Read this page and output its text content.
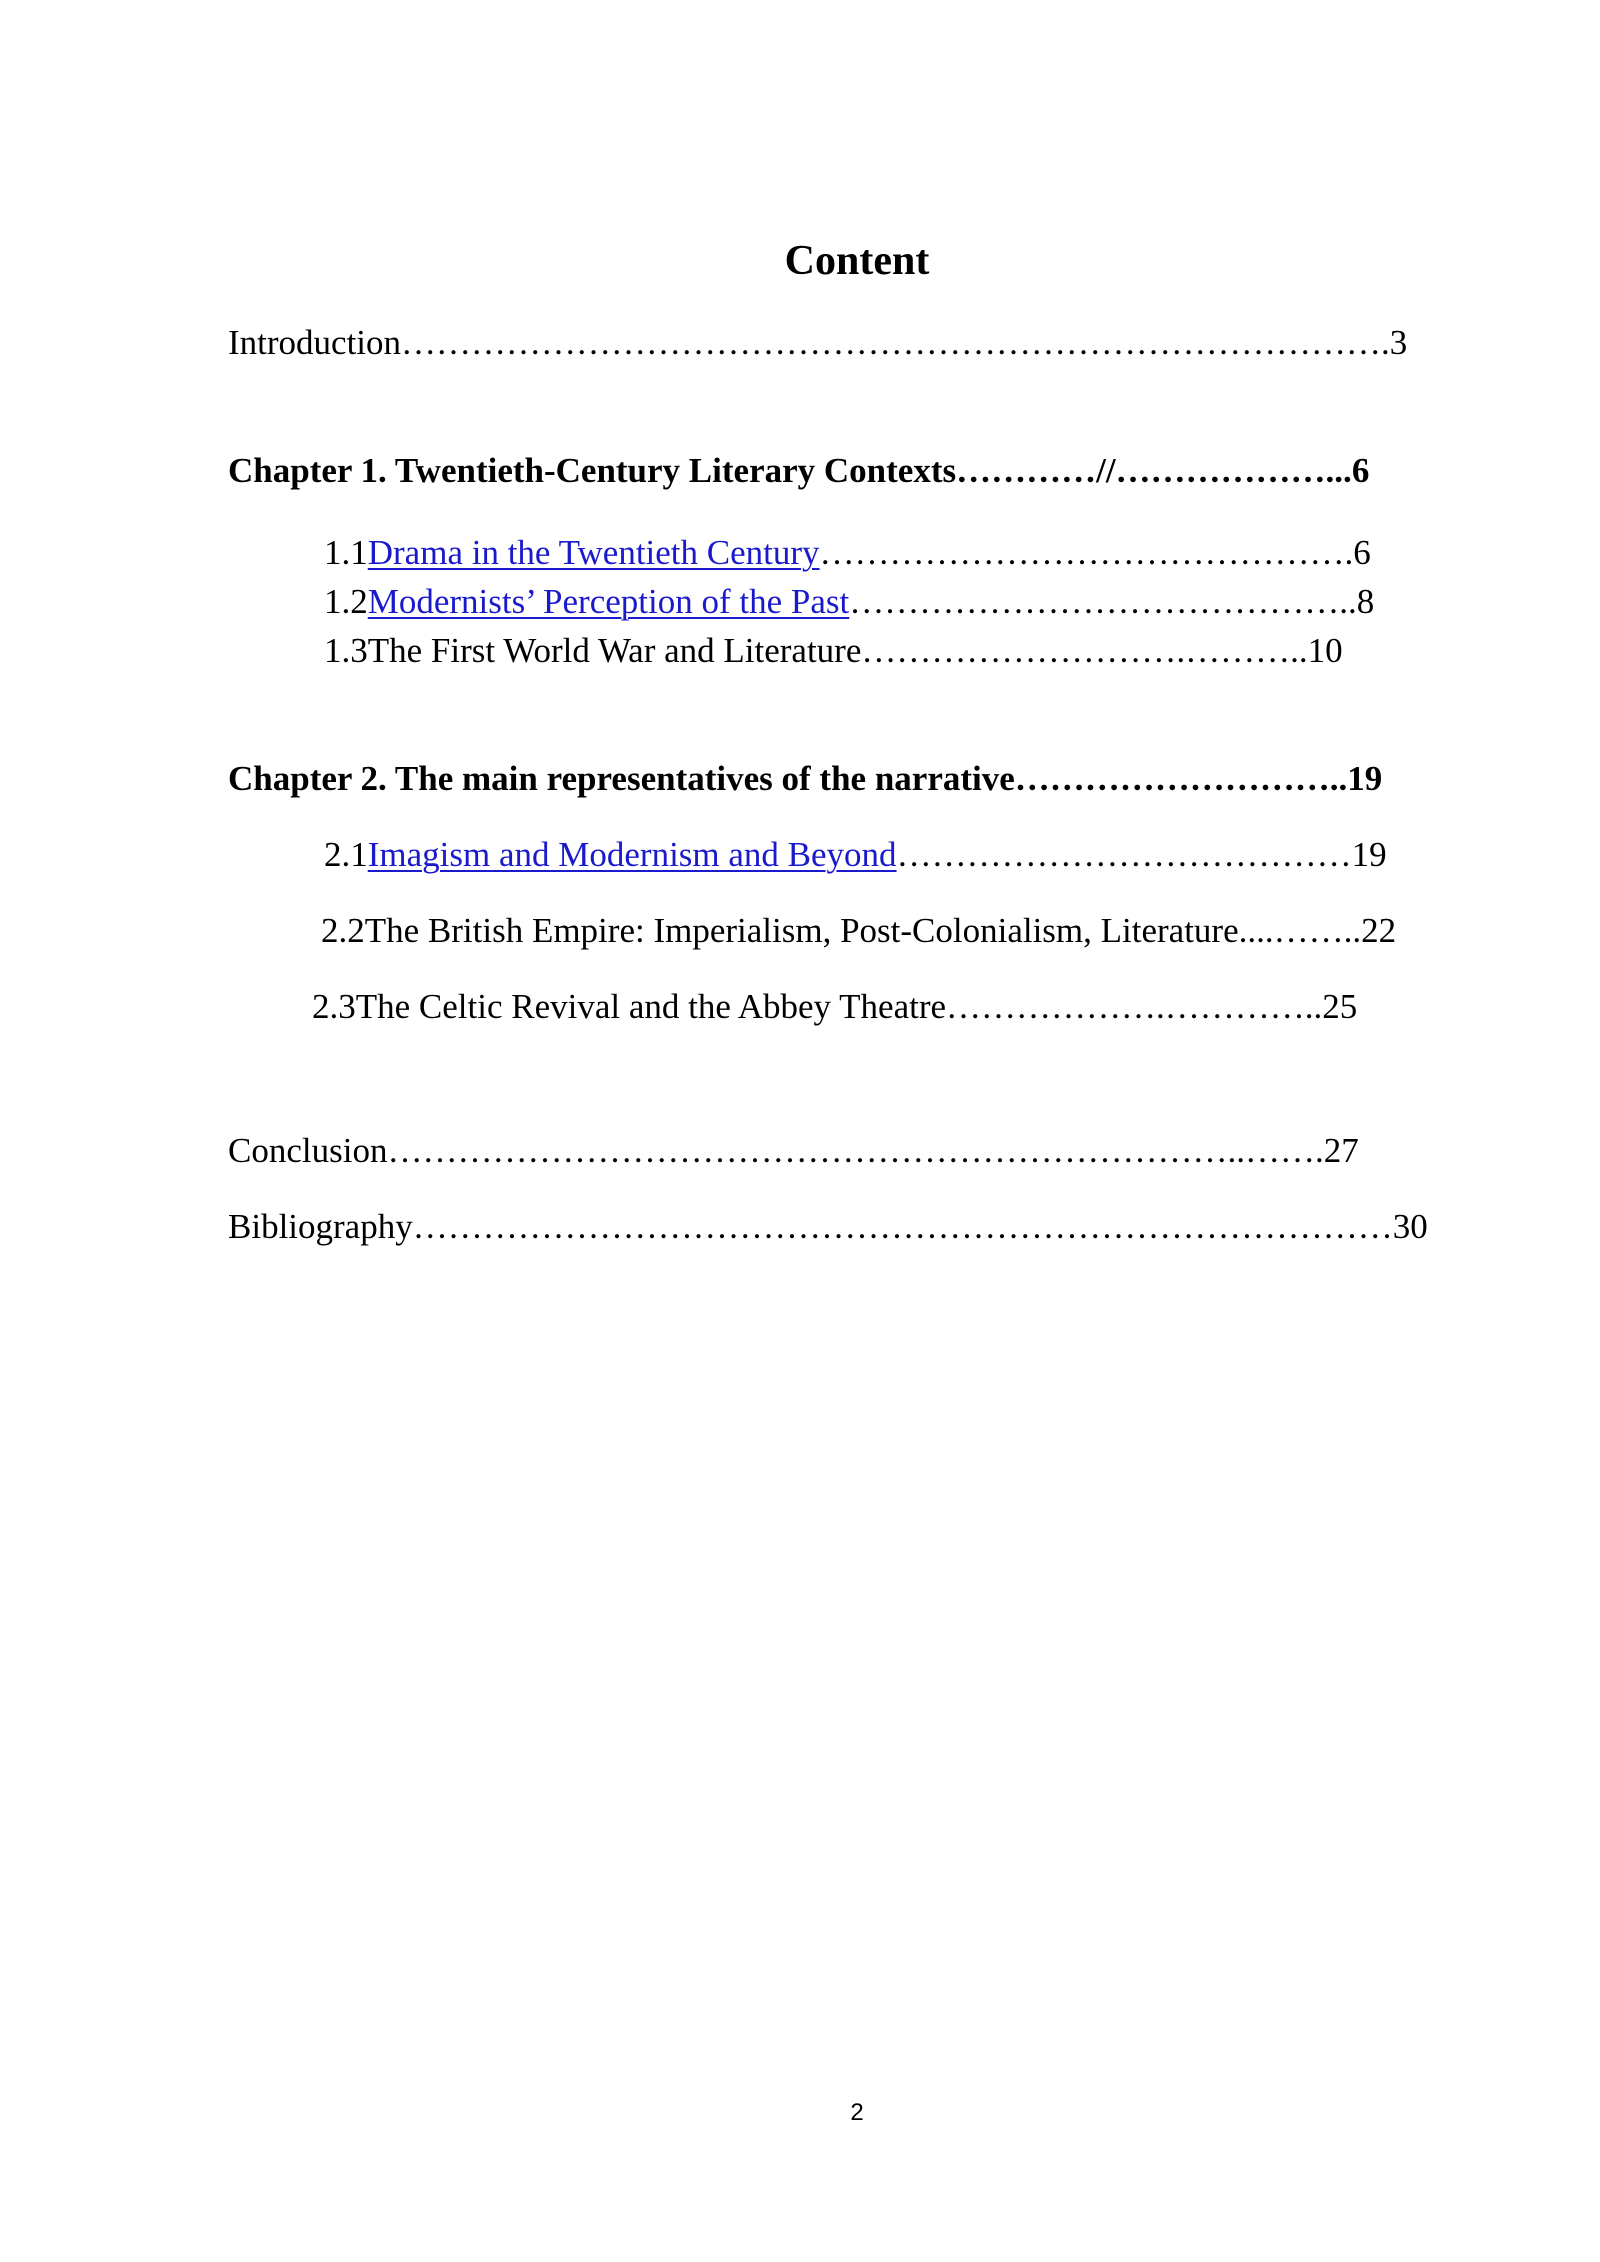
Content
Introduction………………………………………………………………………….3
Chapter 1. Twentieth-Century Literary Contexts…………//………………...6
1.1Drama in the Twentieth Century……………………………………….6
1.2Modernists’ Perception of the Past……………………………………..8
1.3The First World War and Literature……………………….………..10
Chapter 2. The main representatives of the narrative………………………..19
2.1Imagism and Modernism and Beyond…………………………………19
2.2The British Empire: Imperialism, Post-Colonialism, Literature....……..22
2.3The Celtic Revival and the Abbey Theatre……………….…………..25
Conclusion………………………………………………………………..…….27
Bibliography…………………………………………………………………………30
2
